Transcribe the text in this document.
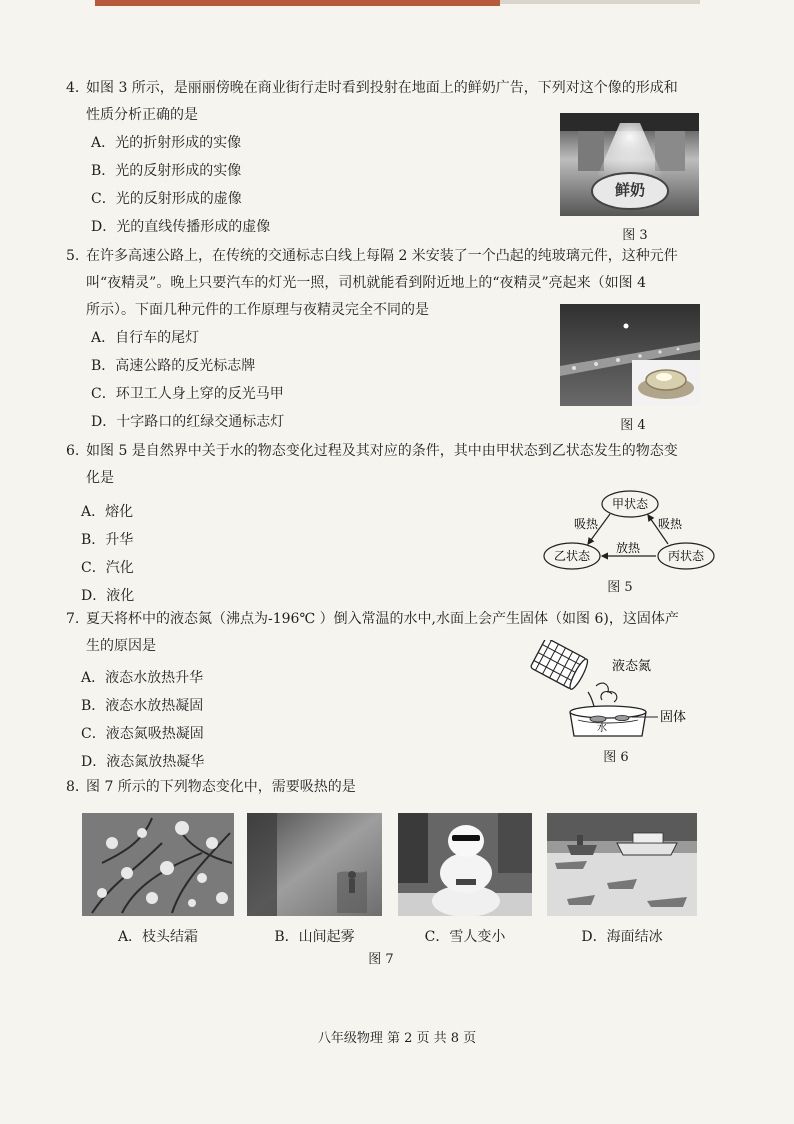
4. 如图 3 所示，是丽丽傍晚在商业街行走时看到投射在地面上的鲜奶广告，下列对这个像的形成和
性质分析正确的是
A．光的折射形成的实像
B．光的反射形成的实像
C．光的反射形成的虚像
D．光的直线传播形成的虚像
鲜奶
图 3
5. 在许多高速公路上，在传统的交通标志白线上每隔 2 米安装了一个凸起的纯玻璃元件，这种元件
叫“夜精灵”。晚上只要汽车的灯光一照，司机就能看到附近地上的“夜精灵”亮起来（如图 4
所示）。下面几种元件的工作原理与夜精灵完全不同的是
A．自行车的尾灯
B．高速公路的反光标志牌
C．环卫工人身上穿的反光马甲
D．十字路口的红绿交通标志灯	图 4
6. 如图 5 是自然界中关于水的物态变化过程及其对应的条件，其中由甲状态到乙状态发生的物态变
化是
A．熔化
B．升华
C．汽化
D．液化
甲状态
乙状态	丙状态
吸热	吸热
放热
图 5
7. 夏天将杯中的液态氮（沸点为-196℃ ）倒入常温的水中,水面上会产生固体（如图 6)，这固体产
生的原因是
A．液态水放热升华
B．液态水放热凝固
C．液态氮吸热凝固
D．液态氮放热凝华
水
固体
液态氮
图 6
8. 图 7 所示的下列物态变化中，需要吸热的是
A．枝头结霜	B．山间起雾	C．雪人变小	D．海面结冰
图 7
八年级物理 第 2 页 共 8 页
